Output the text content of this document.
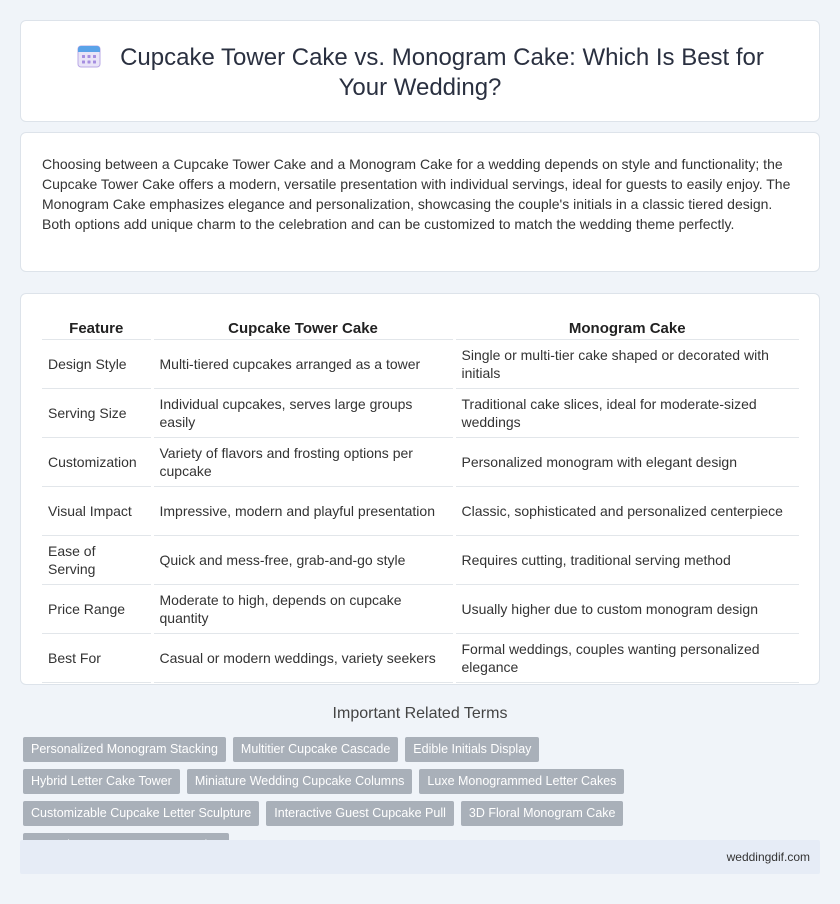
Cupcake Tower Cake vs. Monogram Cake: Which Is Best for Your Wedding?

Choosing between a Cupcake Tower Cake and a Monogram Cake for a wedding depends on style and functionality; the Cupcake Tower Cake offers a modern, versatile presentation with individual servings, ideal for guests to easily enjoy. The Monogram Cake emphasizes elegance and personalization, showcasing the couple's initials in a classic tiered design. Both options add unique charm to the celebration and can be customized to match the wedding theme perfectly.

Feature	Cupcake Tower Cake	Monogram Cake
Design Style	Multi-tiered cupcakes arranged as a tower	Single or multi-tier cake shaped or decorated with initials
Serving Size	Individual cupcakes, serves large groups easily	Traditional cake slices, ideal for moderate-sized weddings
Customization	Variety of flavors and frosting options per cupcake	Personalized monogram with elegant design
Visual Impact	Impressive, modern and playful presentation	Classic, sophisticated and personalized centerpiece
Ease of Serving	Quick and mess-free, grab-and-go style	Requires cutting, traditional serving method
Price Range	Moderate to high, depends on cupcake quantity	Usually higher due to custom monogram design
Best For	Casual or modern weddings, variety seekers	Formal weddings, couples wanting personalized elegance
Important Related Terms
Personalized Monogram Stacking	Multitier Cupcake Cascade	Edible Initials Display
Hybrid Letter Cake Tower	Miniature Wedding Cupcake Columns	Luxe Monogrammed Letter Cakes
Customizable Cupcake Letter Sculpture	Interactive Guest Cupcake Pull	3D Floral Monogram Cake
weddingdif.com
